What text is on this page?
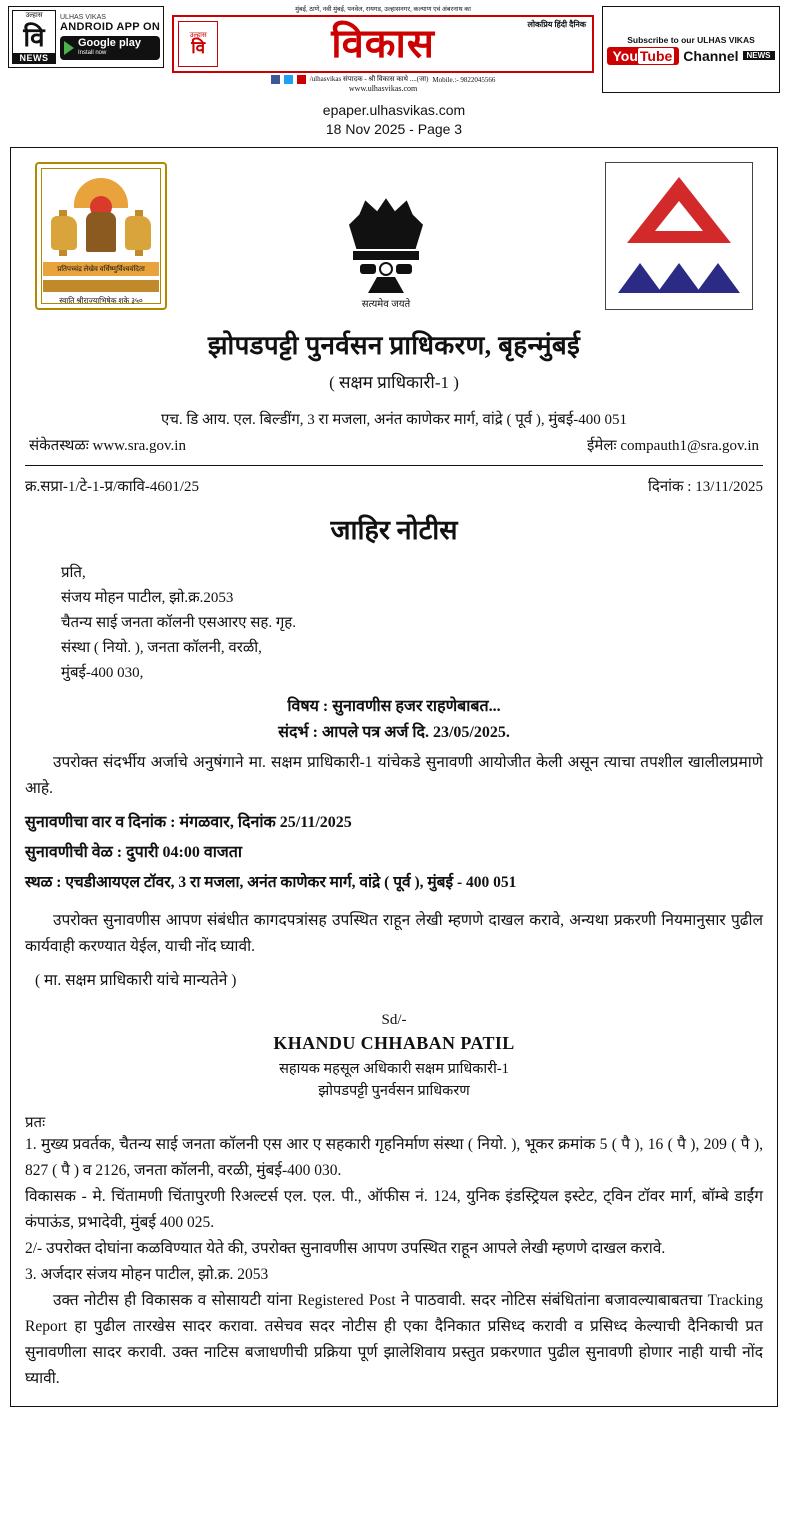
उल्हास
वि
NEWS
ULHAS VIKAS
ANDROID APP ON
Google play
Install now
मुंबई, ठाणे, नवी मुंबई, पनवेल, रायगड, उल्हासनगर, कल्याण एवं अंबरनाथ का
उल्हास
वि
लोकप्रिय हिंदी दैनिक
विकास
/ulhasvikas संपादक - श्री विकास काथे ....(जा) Mobile.:- 9822045566
www.ulhasvikas.com
Subscribe to our ULHAS VIKAS
You Tube Channel	NEWS
epaper.ulhasvikas.com
18 Nov 2025 - Page 3
प्रतिपच्चंद्र लेखेव वर्धिष्णुर्विश्ववंदिता
स्वाति श्रीराज्याभिषेक शके ३५०	सत्यमेव जयते
झोपडपट्टी पुनर्वसन प्राधिकरण, बृहन्मुंबई
( सक्षम प्राधिकारी-1 )
एच. डि आय. एल. बिल्डींग, 3 रा मजला, अनंत काणेकर मार्ग, वांद्रे ( पूर्व ), मुंबई-400 051
संकेतस्थळः www.sra.gov.in	ईमेलः compauth1@sra.gov.in
क्र.सप्रा-1/टे-1-प्र/कावि-4601/25	दिनांक : 13/11/2025
जाहिर नोटीस
प्रति,
संजय मोहन पाटील, झो.क्र.2053
चैतन्य साई जनता कॉलनी एसआरए सह. गृह.
संस्था ( नियो. ), जनता कॉलनी, वरळी,
मुंबई-400 030,
विषय : सुनावणीस हजर राहणेबाबत...
संदर्भ : आपले पत्र अर्ज दि. 23/05/2025.
उपरोक्त संदर्भीय अर्जाचे अनुषंगाने मा. सक्षम प्राधिकारी-1 यांचेकडे सुनावणी आयोजीत केली असून त्याचा तपशील खालीलप्रमाणे आहे.
सुनावणीचा वार व दिनांक : मंगळवार, दिनांक 25/11/2025
सुनावणीची वेळ : दुपारी 04:00 वाजता
स्थळ : एचडीआयएल टॉवर, 3 रा मजला, अनंत काणेकर मार्ग, वांद्रे ( पूर्व ), मुंबई - 400 051
उपरोक्त सुनावणीस आपण संबंधीत कागदपत्रांसह उपस्थित राहून लेखी म्हणणे दाखल करावे, अन्यथा प्रकरणी नियमानुसार पुढील कार्यवाही करण्यात येईल, याची नोंद घ्यावी.
( मा. सक्षम प्राधिकारी यांचे मान्यतेने )
Sd/-
KHANDU CHHABAN PATIL
सहायक महसूल अधिकारी सक्षम प्राधिकारी-1
झोपडपट्टी पुनर्वसन प्राधिकरण
प्रतः
1. मुख्य प्रवर्तक, चैतन्य साई जनता कॉलनी एस आर ए सहकारी गृहनिर्माण संस्था ( नियो. ), भूकर क्रमांक 5 ( पै ), 16 ( पै ), 209 ( पै ), 827 ( पै ) व 2126, जनता कॉलनी, वरळी, मुंबई-400 030.
विकासक - मे. चिंतामणी चिंतापुरणी रिअल्टर्स एल. एल. पी., ऑफीस नं. 124, युनिक इंडस्ट्रियल इस्टेट, ट्विन टॉवर मार्ग, बॉम्बे डाईंग कंपाऊंड, प्रभादेवी, मुंबई 400 025.
2/- उपरोक्त दोघांना कळविण्यात येते की, उपरोक्त सुनावणीस आपण उपस्थित राहून आपले लेखी म्हणणे दाखल करावे.
3. अर्जदार संजय मोहन पाटील, झो.क्र. 2053
उक्त नोटीस ही विकासक व सोसायटी यांना Registered Post ने पाठवावी. सदर नोटिस संबंधितांना बजावल्याबाबतचा Tracking Report हा पुढील तारखेस सादर करावा. तसेचव सदर नोटीस ही एका दैनिकात प्रसिध्द करावी व प्रसिध्द केल्याची दैनिकाची प्रत सुनावणीला सादर करावी. उक्त नाटिस बजाधणीची प्रक्रिया पूर्ण झालेशिवाय प्रस्तुत प्रकरणात पुढील सुनावणी होणार नाही याची नोंद घ्यावी.
